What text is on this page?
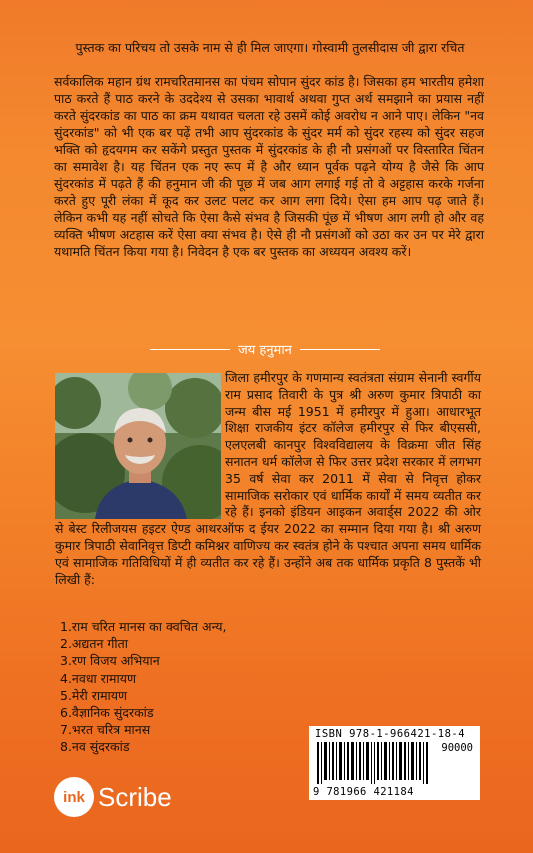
पुस्तक का परिचय तो उसके नाम से ही मिल जाएगा। गोस्वामी तुलसीदास जी द्वारा रचित
सर्वकालिक महान ग्रंथ रामचरितमानस का पंचम सोपान सुंदर कांड है। जिसका हम भारतीय हमेशा पाठ करते हैं पाठ करने के उददेश्य से उसका भावार्थ अथवा गुप्त अर्थ समझाने का प्रयास नहीं करते सुंदरकांड का पाठ का क्रम यथावत चलता रहे उसमें कोई अवरोध न आने पाए। लेकिन "नव सुंदरकांड" को भी एक बर पढ़ें तभी आप सुंदरकांड के सुंदर मर्म को सुंदर रहस्य को सुंदर सहज भक्ति को हृदयगम कर सकेंगे प्रस्तुत पुस्तक में सुंदरकांड के ही नौ प्रसंगओं पर विस्तारित चिंतन का समावेश है। यह चिंतन एक नए रूप में है और ध्यान पूर्वक पढ़ने योग्य है जैसे कि आप सुंदरकांड में पढ़ते हैं की हनुमान जी की पूछ में जब आग लगाई गई तो वे अट्टहास करके गर्जना करते हुए पूरी लंका में कूद कर उलट पलट कर आग लगा दिये। ऐसा हम आप पढ़ जाते हैं। लेकिन कभी यह नहीं सोचते कि ऐसा कैसे संभव है जिसकी पूंछ में भीषण आग लगी हो और वह व्यक्ति भीषण अटहास करें ऐसा क्या संभव है। ऐसे ही नौ प्रसंगओं को उठा कर उन पर मेरे द्वारा यथामति चिंतन किया गया है। निवेदन है एक बर पुस्तक का अध्ययन अवश्य करें।
जय हनुमान
जिला हमीरपुर के गणमान्य स्वतंत्रता संग्राम सेनानी स्वर्गीय राम प्रसाद तिवारी के पुत्र श्री अरुण कुमार त्रिपाठी का जन्म बीस मई 1951 में हमीरपुर में हुआ। आधारभूत शिक्षा राजकीय इंटर कॉलेज हमीरपुर से फिर बीएससी, एलएलबी कानपुर विश्वविद्यालय के विक्रमा जीत सिंह सनातन धर्म कॉलेज से फिर उत्तर प्रदेश सरकार में लगभग 35 वर्ष सेवा कर 2011 में सेवा से निवृत्त होकर सामाजिक सरोकार एवं धार्मिक कार्यों में समय व्यतीत कर रहे हैं। इनको इंडियन आइकन अवार्ड्स 2022 की ओर से बेस्ट रिलीजयस हइटर ऐण्ड आथरऑफ द ईयर 2022 का सम्मान दिया गया है। श्री अरुण कुमार त्रिपाठी सेवानिवृत्त डिप्टी कमिश्नर वाणिज्य कर स्वतंत्र होने के पश्चात अपना समय धार्मिक एवं सामाजिक गतिविधियों में ही व्यतीत कर रहे हैं। उन्होंने अब तक धार्मिक प्रकृति 8 पुस्तकें भी लिखी हैं:
1.राम चरित मानस का क्वचित अन्य,
2.अद्यतन गीता
3.रण विजय अभियान
4.नवधा रामायण
5.मेरी रामायण
6.वैज्ञानिक सुंदरकांड
7.भरत चरित्र मानस
8.नव सुंदरकांड
ISBN 978-1-966421-18-4
90000
9 781966 421184
ink Scribe
